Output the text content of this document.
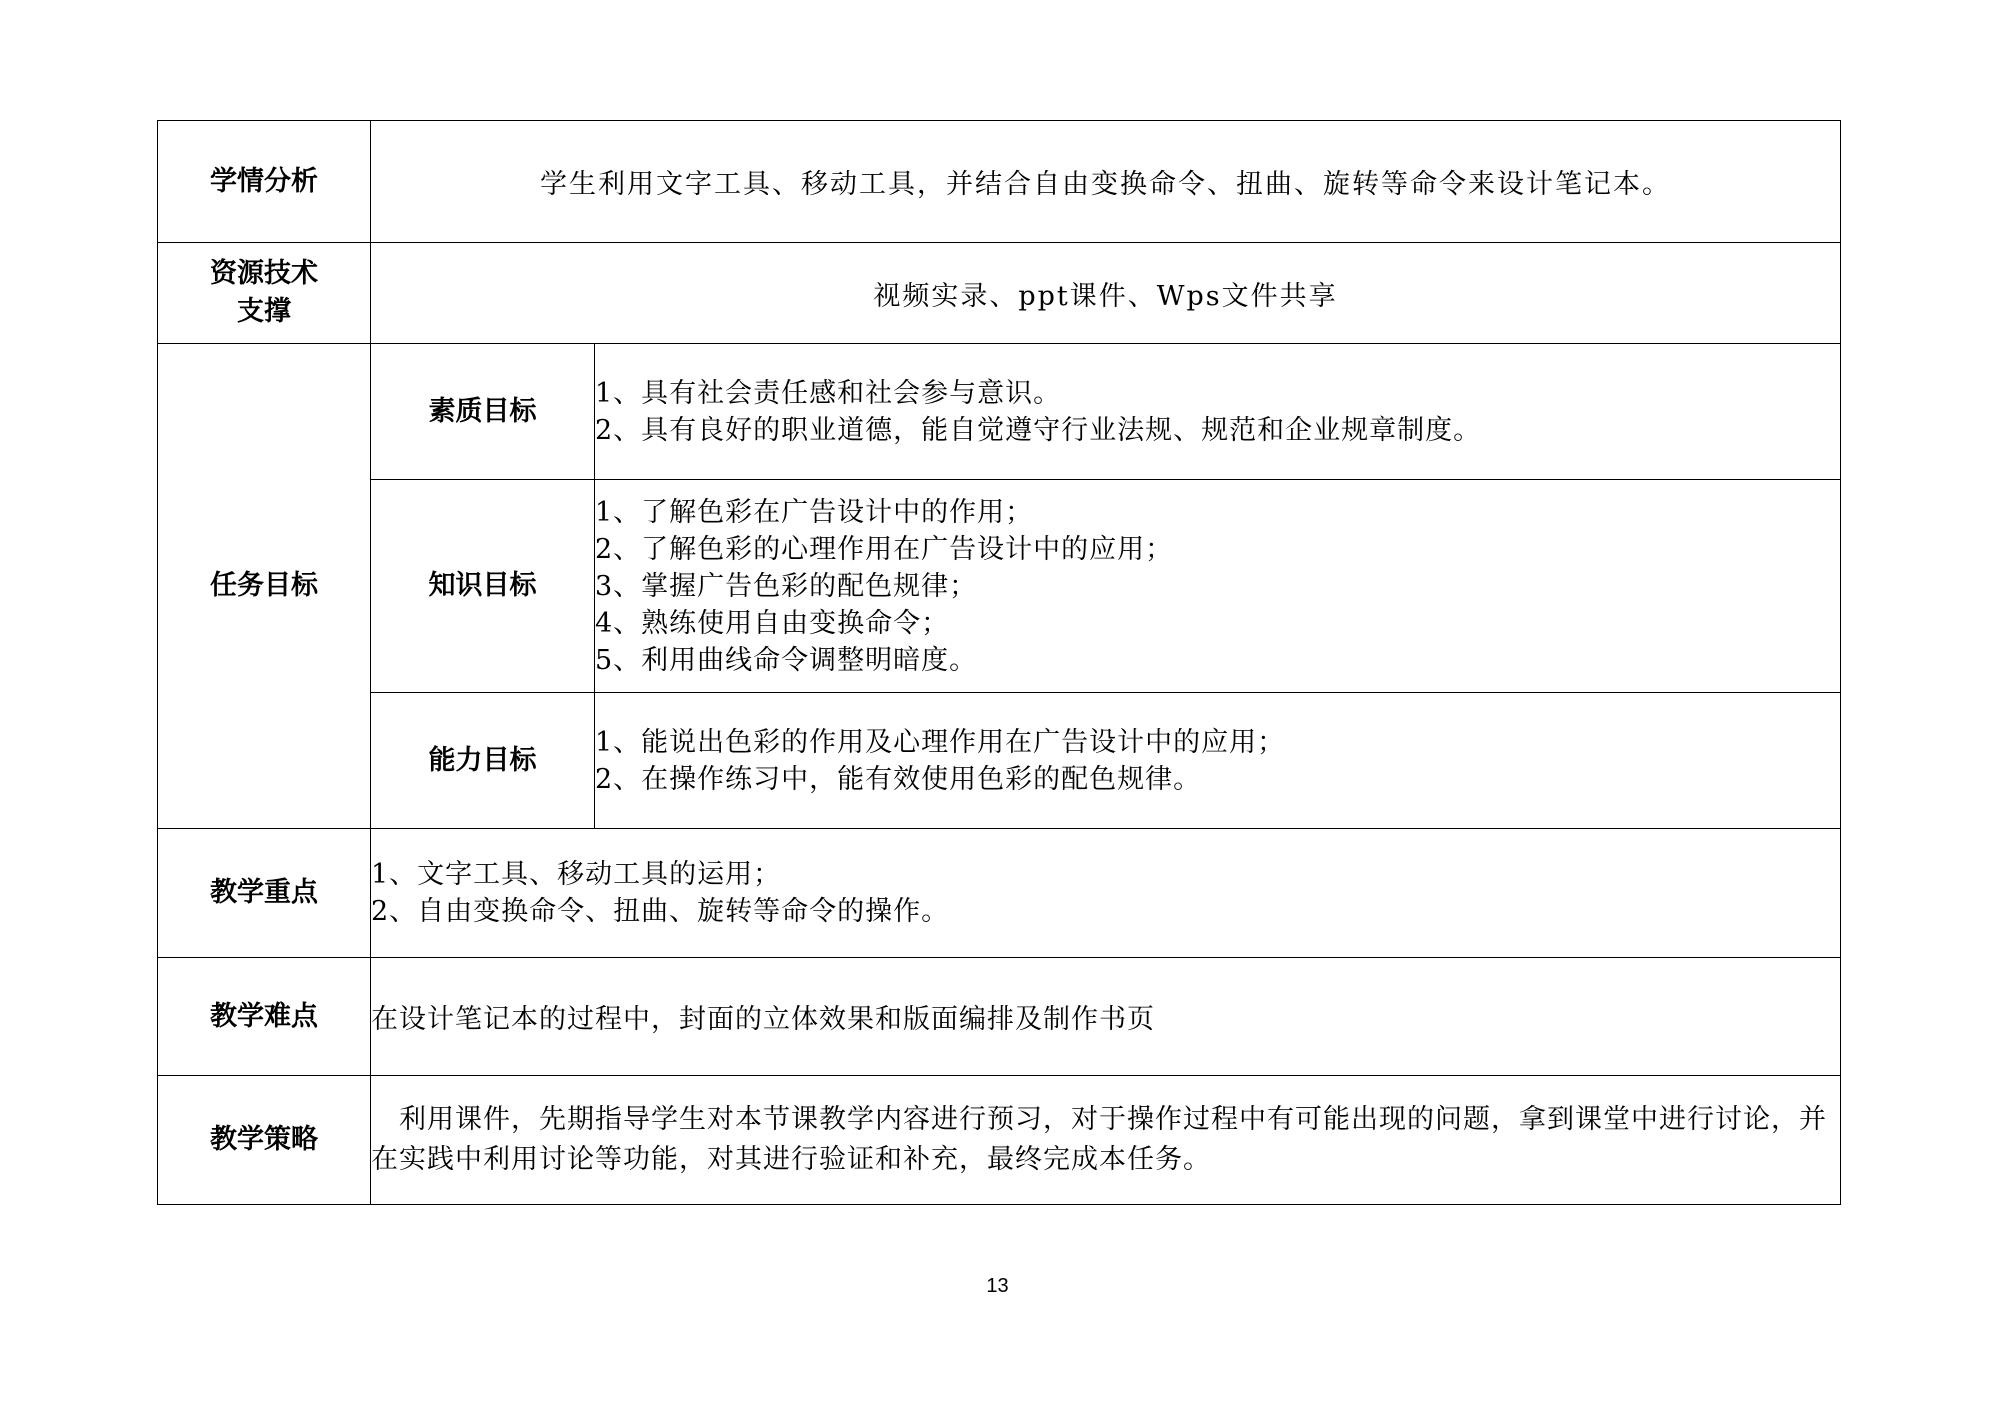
学情分析	学生利用文字工具、移动工具，并结合自由变换命令、扭曲、旋转等命令来设计笔记本。	

资源技术
支撑	视频实录、ppt课件、Wps文件共享	
任务目标	素质目标	1、具有社会责任感和社会参与意识。
2、具有良好的职业道德，能自觉遵守行业法规、规范和企业规章制度。

	知识目标	1、了解色彩在广告设计中的作用；
2、了解色彩的心理作用在广告设计中的应用；
3、掌握广告色彩的配色规律；
4、熟练使用自由变换命令；
5、利用曲线命令调整明暗度。

	能力目标	1、能说出色彩的作用及心理作用在广告设计中的应用；
2、在操作练习中，能有效使用色彩的配色规律。

教学重点	1、文字工具、移动工具的运用；
2、自由变换命令、扭曲、旋转等命令的操作。	

教学难点	在设计笔记本的过程中，封面的立体效果和版面编排及制作书页	
教学策略	利用课件，先期指导学生对本节课教学内容进行预习，对于操作过程中有可能出现的问题，拿到课堂中进行讨论，并在实践中利用讨论等功能，对其进行验证和补充，最终完成本任务。	
13
